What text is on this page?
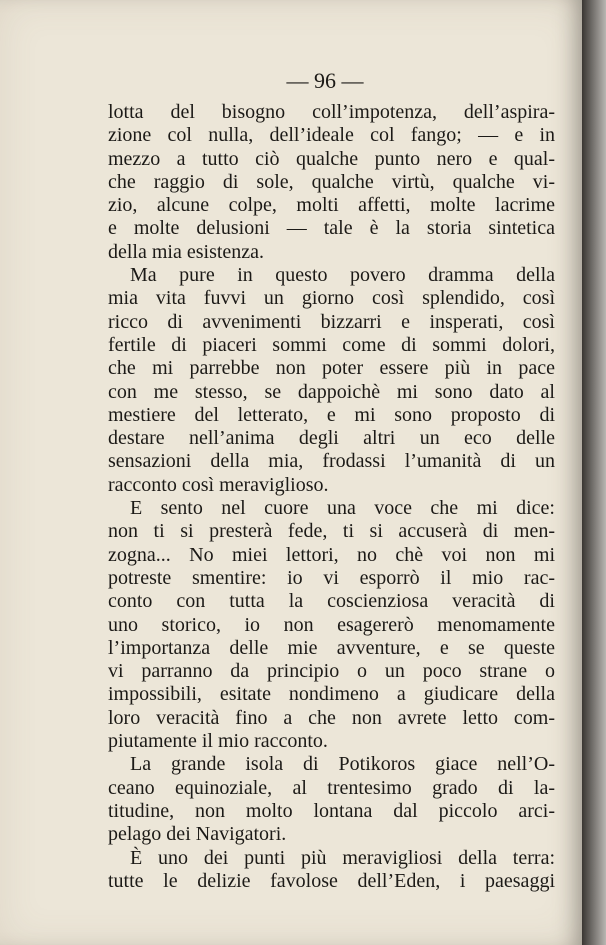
— 96 —
lotta del bisogno coll’impotenza, dell’aspira-
zione col nulla, dell’ideale col fango; — e in
mezzo a tutto ciò qualche punto nero e qual-
che raggio di sole, qualche virtù, qualche vi-
zio, alcune colpe, molti affetti, molte lacrime
e molte delusioni — tale è la storia sintetica
della mia esistenza.
Ma pure in questo povero dramma della
mia vita fuvvi un giorno così splendido, così
ricco di avvenimenti bizzarri e insperati, così
fertile di piaceri sommi come di sommi dolori,
che mi parrebbe non poter essere più in pace
con me stesso, se dappoichè mi sono dato al
mestiere del letterato, e mi sono proposto di
destare nell’anima degli altri un eco delle
sensazioni della mia, frodassi l’umanità di un
racconto così meraviglioso.
E sento nel cuore una voce che mi dice:
non ti si presterà fede, ti si accuserà di men-
zogna... No miei lettori, no chè voi non mi
potreste smentire: io vi esporrò il mio rac-
conto con tutta la coscienziosa veracità di
uno storico, io non esagererò menomamente
l’importanza delle mie avventure, e se queste
vi parranno da principio o un poco strane o
impossibili, esitate nondimeno a giudicare della
loro veracità fino a che non avrete letto com-
piutamente il mio racconto.
La grande isola di Potikoros giace nell’O-
ceano equinoziale, al trentesimo grado di la-
titudine, non molto lontana dal piccolo arci-
pelago dei Navigatori.
È uno dei punti più meravigliosi della terra:
tutte le delizie favolose dell’Eden, i paesaggi
